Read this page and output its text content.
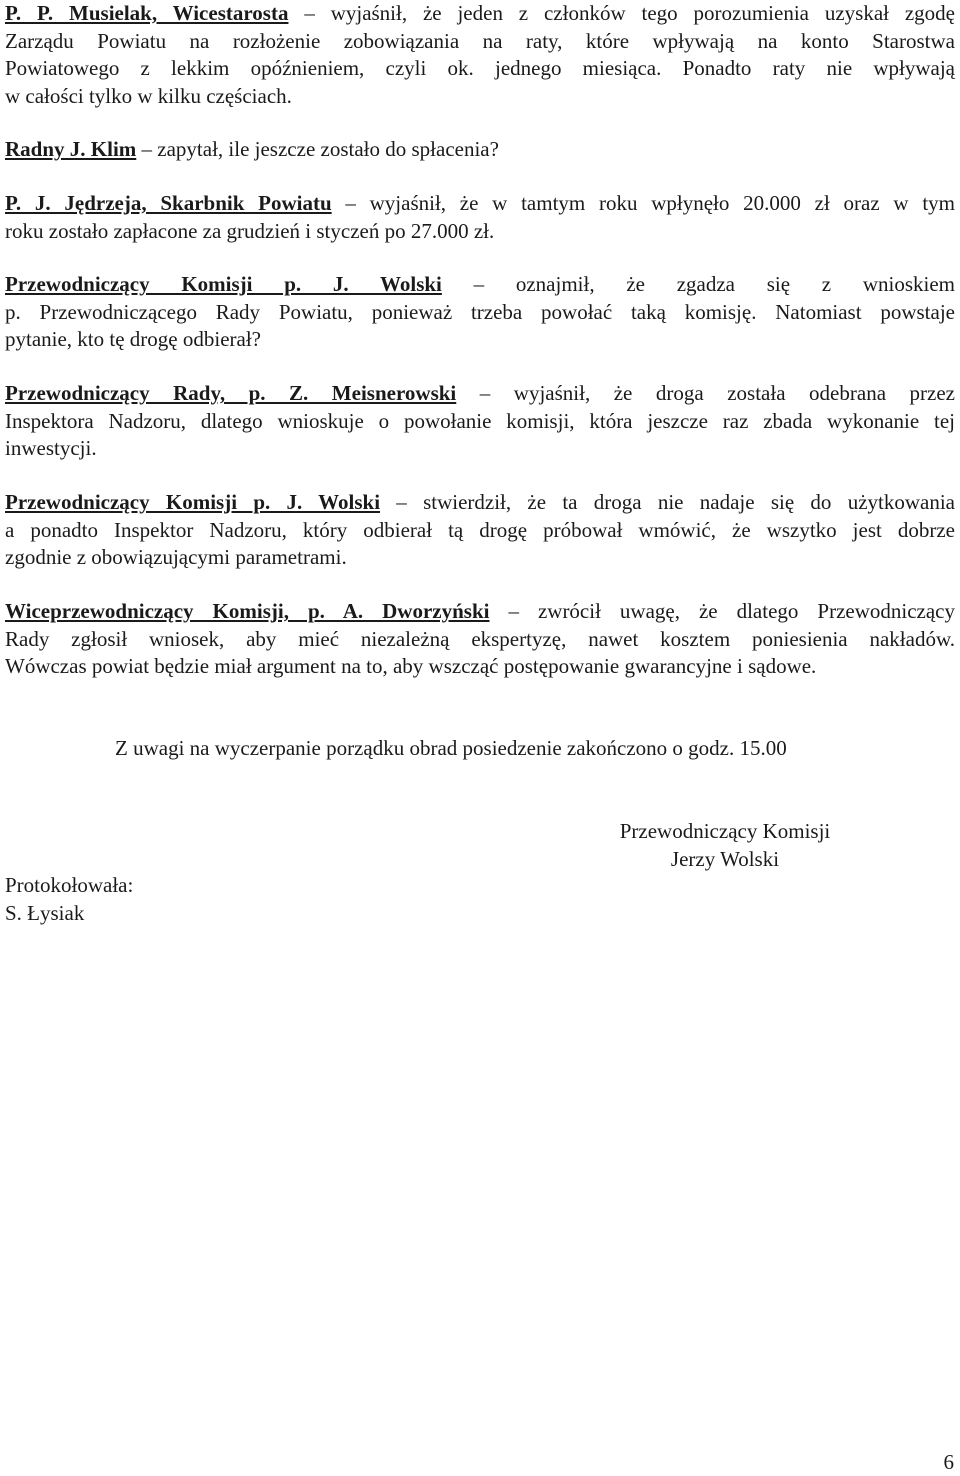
P. P. Musielak, Wicestarosta – wyjaśnił, że jeden z członków tego porozumienia uzyskał zgodę
Zarządu Powiatu na rozłożenie zobowiązania na raty, które wpływają na konto Starostwa
Powiatowego z lekkim opóźnieniem, czyli ok. jednego miesiąca. Ponadto raty nie wpływają
w całości tylko w kilku częściach.

Radny J. Klim – zapytał, ile jeszcze zostało do spłacenia?

P. J. Jędrzeja, Skarbnik Powiatu – wyjaśnił, że w tamtym roku wpłynęło 20.000 zł oraz w tym
roku zostało zapłacone za grudzień i styczeń po 27.000 zł.

Przewodniczący Komisji p. J. Wolski – oznajmił, że zgadza się z wnioskiem
p. Przewodniczącego Rady Powiatu, ponieważ trzeba powołać taką komisję. Natomiast powstaje
pytanie, kto tę drogę odbierał?

Przewodniczący Rady, p. Z. Meisnerowski – wyjaśnił, że droga została odebrana przez
Inspektora Nadzoru, dlatego wnioskuje o powołanie komisji, która jeszcze raz zbada wykonanie tej
inwestycji.

Przewodniczący Komisji p. J. Wolski – stwierdził, że ta droga nie nadaje się do użytkowania
a ponadto Inspektor Nadzoru, który odbierał tą drogę próbował wmówić, że wszytko jest dobrze
zgodnie z obowiązującymi parametrami.

Wiceprzewodniczący Komisji, p. A. Dworzyński – zwrócił uwagę, że dlatego Przewodniczący
Rady zgłosił wniosek, aby mieć niezależną ekspertyzę, nawet kosztem poniesienia nakładów.
Wówczas powiat będzie miał argument na to, aby wszcząć postępowanie gwarancyjne i sądowe.

Z uwagi na wyczerpanie porządku obrad posiedzenie zakończono o godz. 15.00
Przewodniczący Komisji
Jerzy Wolski
Protokołowała:
S. Łysiak
6
